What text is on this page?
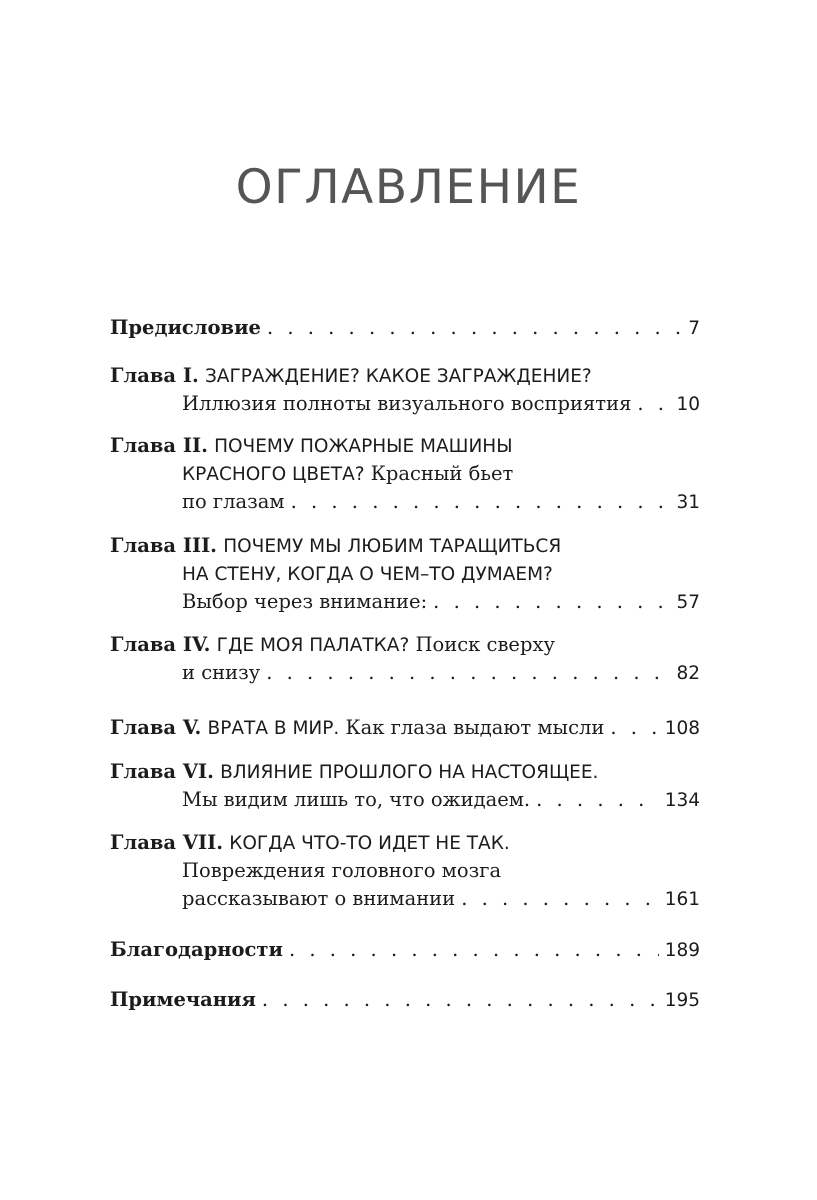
ОГЛАВЛЕНИЕ
Предисловие . . .	7
Глава I. ЗАГРАЖДЕНИЕ? КАКОЕ ЗАГРАЖДЕНИЕ?
Иллюзия полноты визуального восприятия . . . 10
Глава II. ПОЧЕМУ ПОЖАРНЫЕ МАШИНЫ
КРАСНОГО ЦВЕТА? Красный бьет
по глазам . . .	31
Глава III. ПОЧЕМУ МЫ ЛЮБИМ ТАРАЩИТЬСЯ
НА СТЕНУ, КОГДА О ЧЕМ–ТО ДУМАЕМ?
Выбор через внимание: . . .	57
Глава IV. ГДЕ МОЯ ПАЛАТКА? Поиск сверху
и снизу . . .	82
Глава V.
ВРАТА В МИР.
Как глаза выдают мысли . . .	108
Глава VI. ВЛИЯНИЕ ПРОШЛОГО НА НАСТОЯЩЕЕ.
Мы видим лишь то, что ожидаем. . . .	134
Глава VII. КОГДА ЧТО-ТО ИДЕТ НЕ ТАК.
Повреждения головного мозга
рассказывают о внимании . . .	161
Благодарности . . .	189
Примечания . . .	195
